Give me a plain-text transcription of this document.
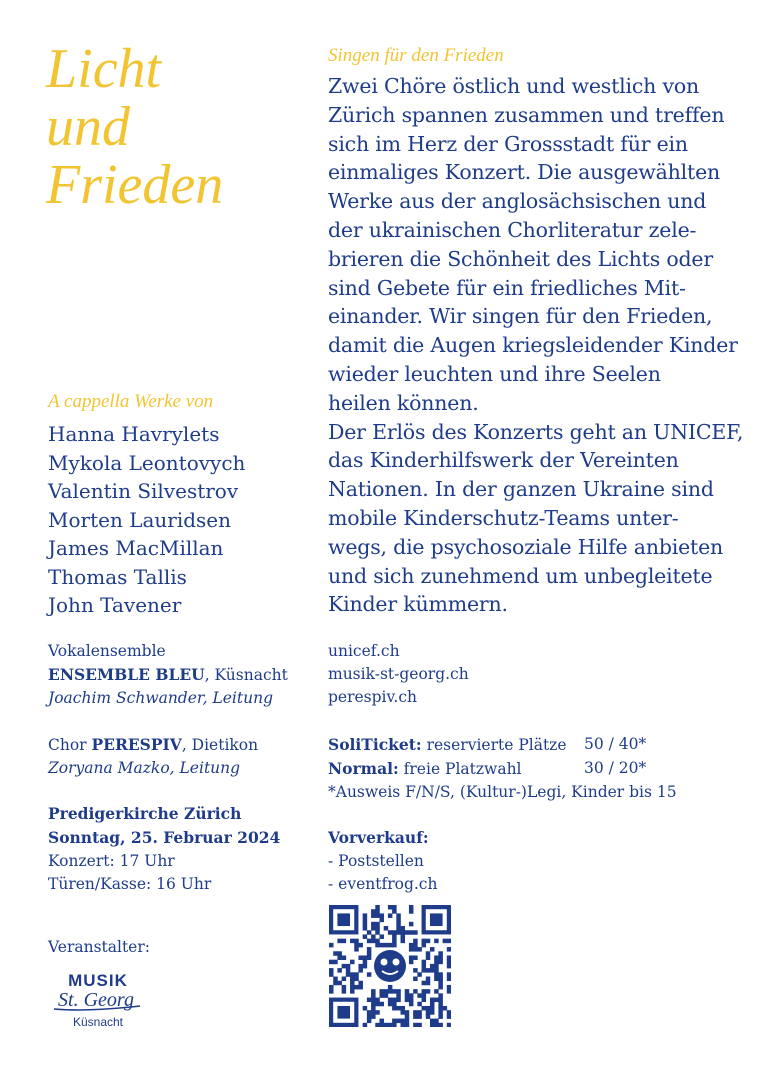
Licht
und
Frieden
Singen für den Frieden
Zwei Chöre östlich und westlich von
Zürich spannen zusammen und treffen
sich im Herz der Grossstadt für ein
einmaliges Konzert. Die ausgewählten
Werke aus der anglosächsischen und
der ukrainischen Chorliteratur zele-
brieren die Schönheit des Lichts oder
sind Gebete für ein friedliches Mit-
einander. Wir singen für den Frieden,
damit die Augen kriegsleidender Kinder
wieder leuchten und ihre Seelen
heilen können.
Der Erlös des Konzerts geht an UNICEF,
das Kinderhilfswerk der Vereinten
Nationen. In der ganzen Ukraine sind
mobile Kinderschutz-Teams unter-
wegs, die psychosoziale Hilfe anbieten
und sich zunehmend um unbegleitete
Kinder kümmern.
A cappella Werke von
Hanna Havrylets
Mykola Leontovych
Valentin Silvestrov
Morten Lauridsen
James MacMillan
Thomas Tallis
John Tavener
Vokalensemble
ENSEMBLE BLEU, Küsnacht
Joachim Schwander, Leitung
Chor PERESPIV, Dietikon
Zoryana Mazko, Leitung
Predigerkirche Zürich
Sonntag, 25. Februar 2024
Konzert: 17 Uhr
Türen/Kasse: 16 Uhr
Veranstalter:
MUSIK
St. Georg
Küsnacht
unicef.ch
musik-st-georg.ch
perespiv.ch
SoliTicket: reservierte Plätze	50 / 40*
Normal: freie Platzwahl	30 / 20*
*Ausweis F/N/S, (Kultur-)Legi, Kinder bis 15
Vorverkauf:
- Poststellen
- eventfrog.ch
